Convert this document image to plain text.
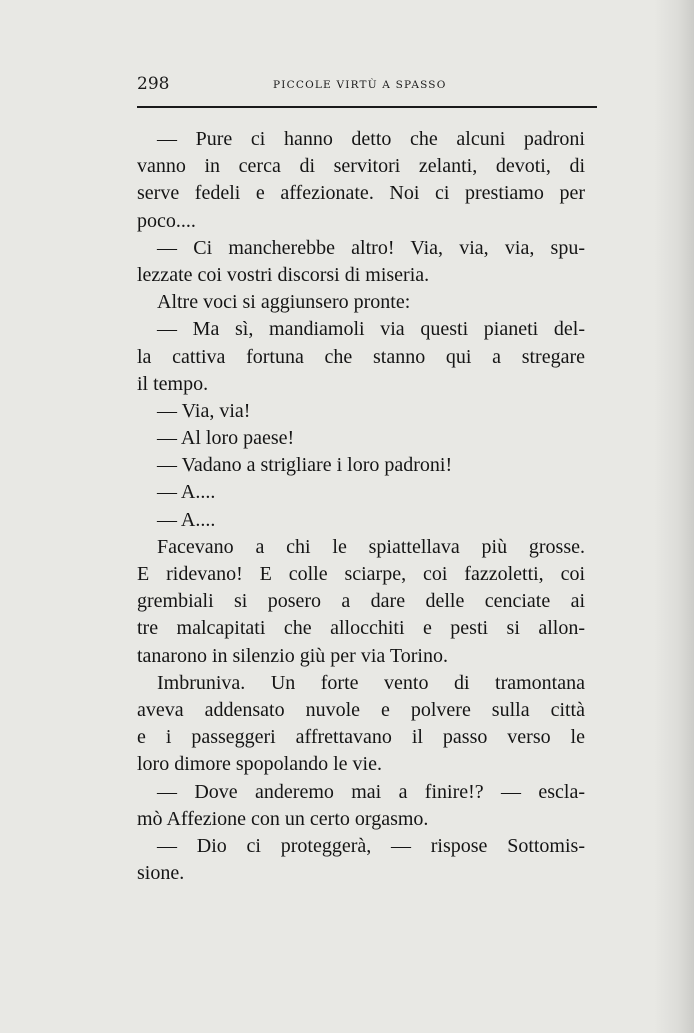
298	PICCOLE VIRTÙ A SPASSO
— Pure ci hanno detto che alcuni padroni
vanno in cerca di servitori zelanti, devoti, di
serve fedeli e affezionate. Noi ci prestiamo per
poco....
— Ci mancherebbe altro! Via, via, via, spu-
lezzate coi vostri discorsi di miseria.
Altre voci si aggiunsero pronte:
— Ma sì, mandiamoli via questi pianeti del-
la cattiva fortuna che stanno qui a stregare
il tempo.
— Via, via!
— Al loro paese!
— Vadano a strigliare i loro padroni!
— A....
— A....
Facevano a chi le spiattellava più grosse.
E ridevano! E colle sciarpe, coi fazzoletti, coi
grembiali si posero a dare delle cenciate ai
tre malcapitati che allocchiti e pesti si allon-
tanarono in silenzio giù per via Torino.
Imbruniva. Un forte vento di tramontana
aveva addensato nuvole e polvere sulla città
e i passeggeri affrettavano il passo verso le
loro dimore spopolando le vie.
— Dove anderemo mai a finire!? — escla-
mò Affezione con un certo orgasmo.
— Dio ci proteggerà, — rispose Sottomis-
sione.
